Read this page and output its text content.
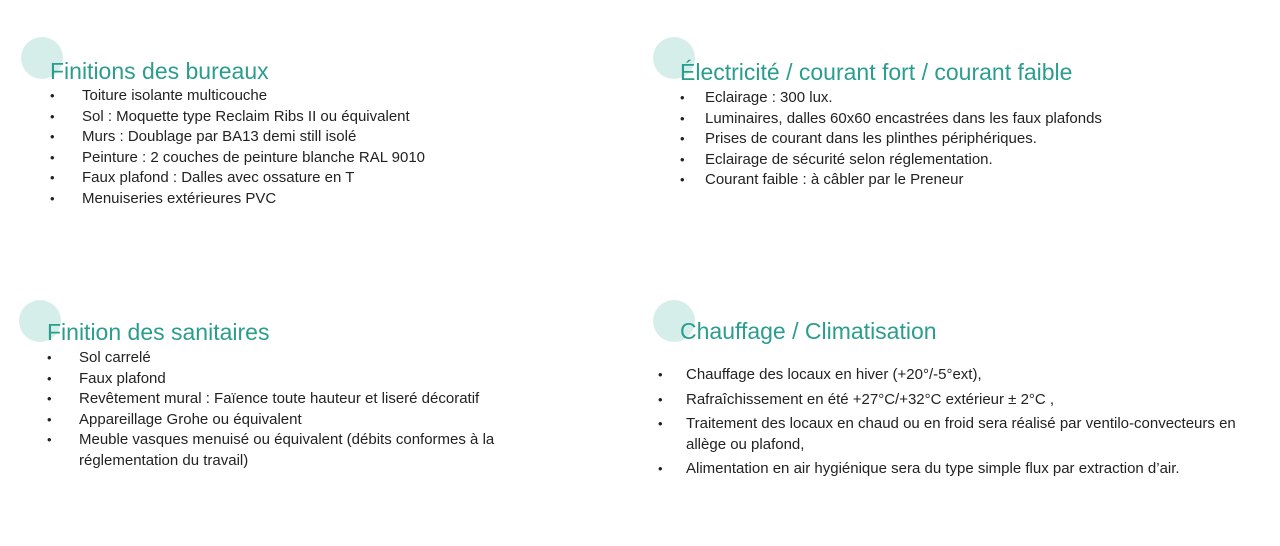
Finitions des bureaux
•	Toiture isolante multicouche
•	Sol : Moquette type Reclaim Ribs II ou équivalent
•	Murs : Doublage par BA13 demi still isolé
•	Peinture : 2 couches de peinture blanche RAL 9010
•	Faux plafond : Dalles avec ossature en T
•	Menuiseries extérieures PVC
Électricité / courant fort / courant faible
•	Eclairage : 300 lux.
•	Luminaires, dalles 60x60 encastrées dans les faux plafonds
•	Prises de courant dans les plinthes périphériques.
•	Eclairage de sécurité selon réglementation.
•	Courant faible : à câbler par le Preneur
Finition des sanitaires
•	Sol carrelé
•	Faux plafond
•	Revêtement mural : Faïence toute hauteur et liseré décoratif
•	Appareillage Grohe ou équivalent
•	Meuble vasques menuisé ou équivalent (débits conformes à la réglementation du travail)
Chauffage / Climatisation
•	Chauffage des locaux en hiver (+20°/-5°ext),
•	Rafraîchissement en été +27°C/+32°C extérieur ± 2°C ,
•	Traitement des locaux en chaud ou en froid sera réalisé par ventilo-convecteurs en allège ou plafond,
•	Alimentation en air hygiénique sera du type simple flux par extraction d’air.
